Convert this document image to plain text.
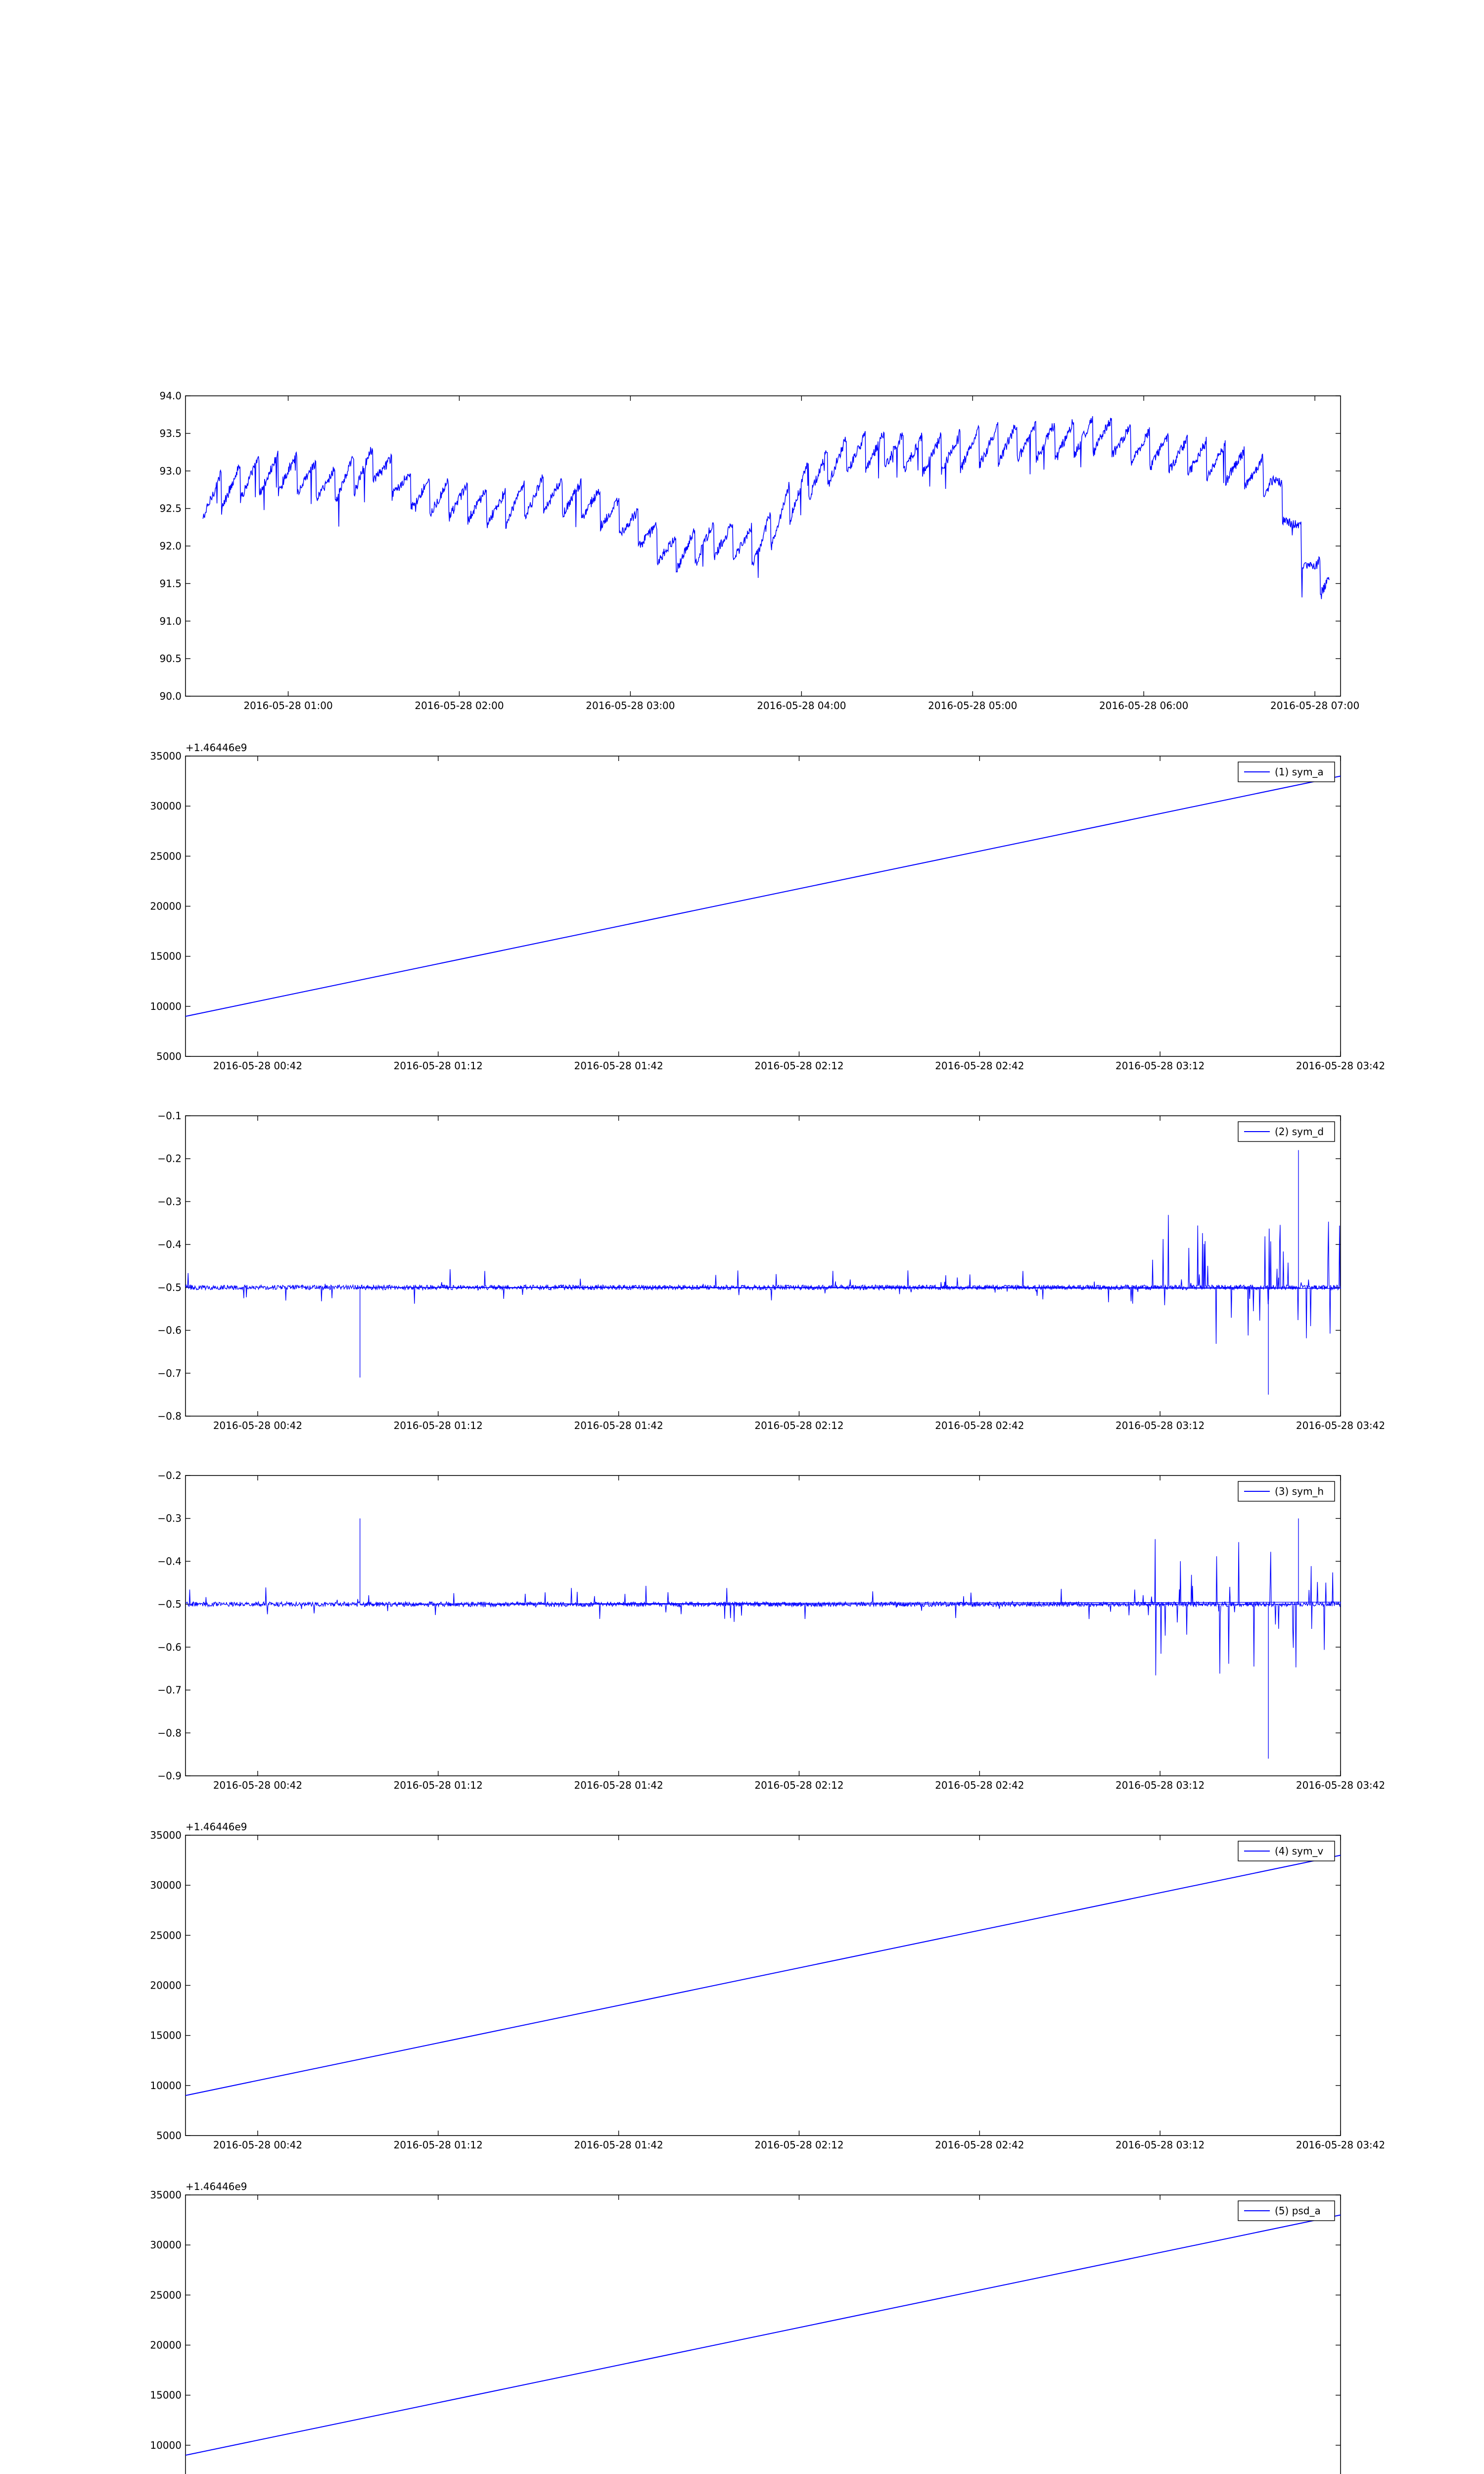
90.0
90.5
91.0
91.5
92.0
92.5
93.0
93.5
94.0
2016-05-28 01:00	2016-05-28 02:00	2016-05-28 03:00	2016-05-28 04:00	2016-05-28 05:00	2016-05-28 06:00	2016-05-28 07:00
5000
10000
15000
20000
25000
30000
35000
2016-05-28 00:42	2016-05-28 01:12	2016-05-28 01:42	2016-05-28 02:12	2016-05-28 02:42	2016-05-28 03:12	2016-05-28 03:42
+1.46446e9
(1) sym_a
−0.8
−0.7
−0.6
−0.5
−0.4
−0.3
−0.2
−0.1
2016-05-28 00:42	2016-05-28 01:12	2016-05-28 01:42	2016-05-28 02:12	2016-05-28 02:42	2016-05-28 03:12	2016-05-28 03:42
(2) sym_d
−0.9
−0.8
−0.7
−0.6
−0.5
−0.4
−0.3
−0.2
2016-05-28 00:42	2016-05-28 01:12	2016-05-28 01:42	2016-05-28 02:12	2016-05-28 02:42	2016-05-28 03:12	2016-05-28 03:42
(3) sym_h
5000
10000
15000
20000
25000
30000
35000
2016-05-28 00:42	2016-05-28 01:12	2016-05-28 01:42	2016-05-28 02:12	2016-05-28 02:42	2016-05-28 03:12	2016-05-28 03:42
+1.46446e9
(4) sym_v
10000
15000
20000
25000
30000
35000
+1.46446e9
(5) psd_a
